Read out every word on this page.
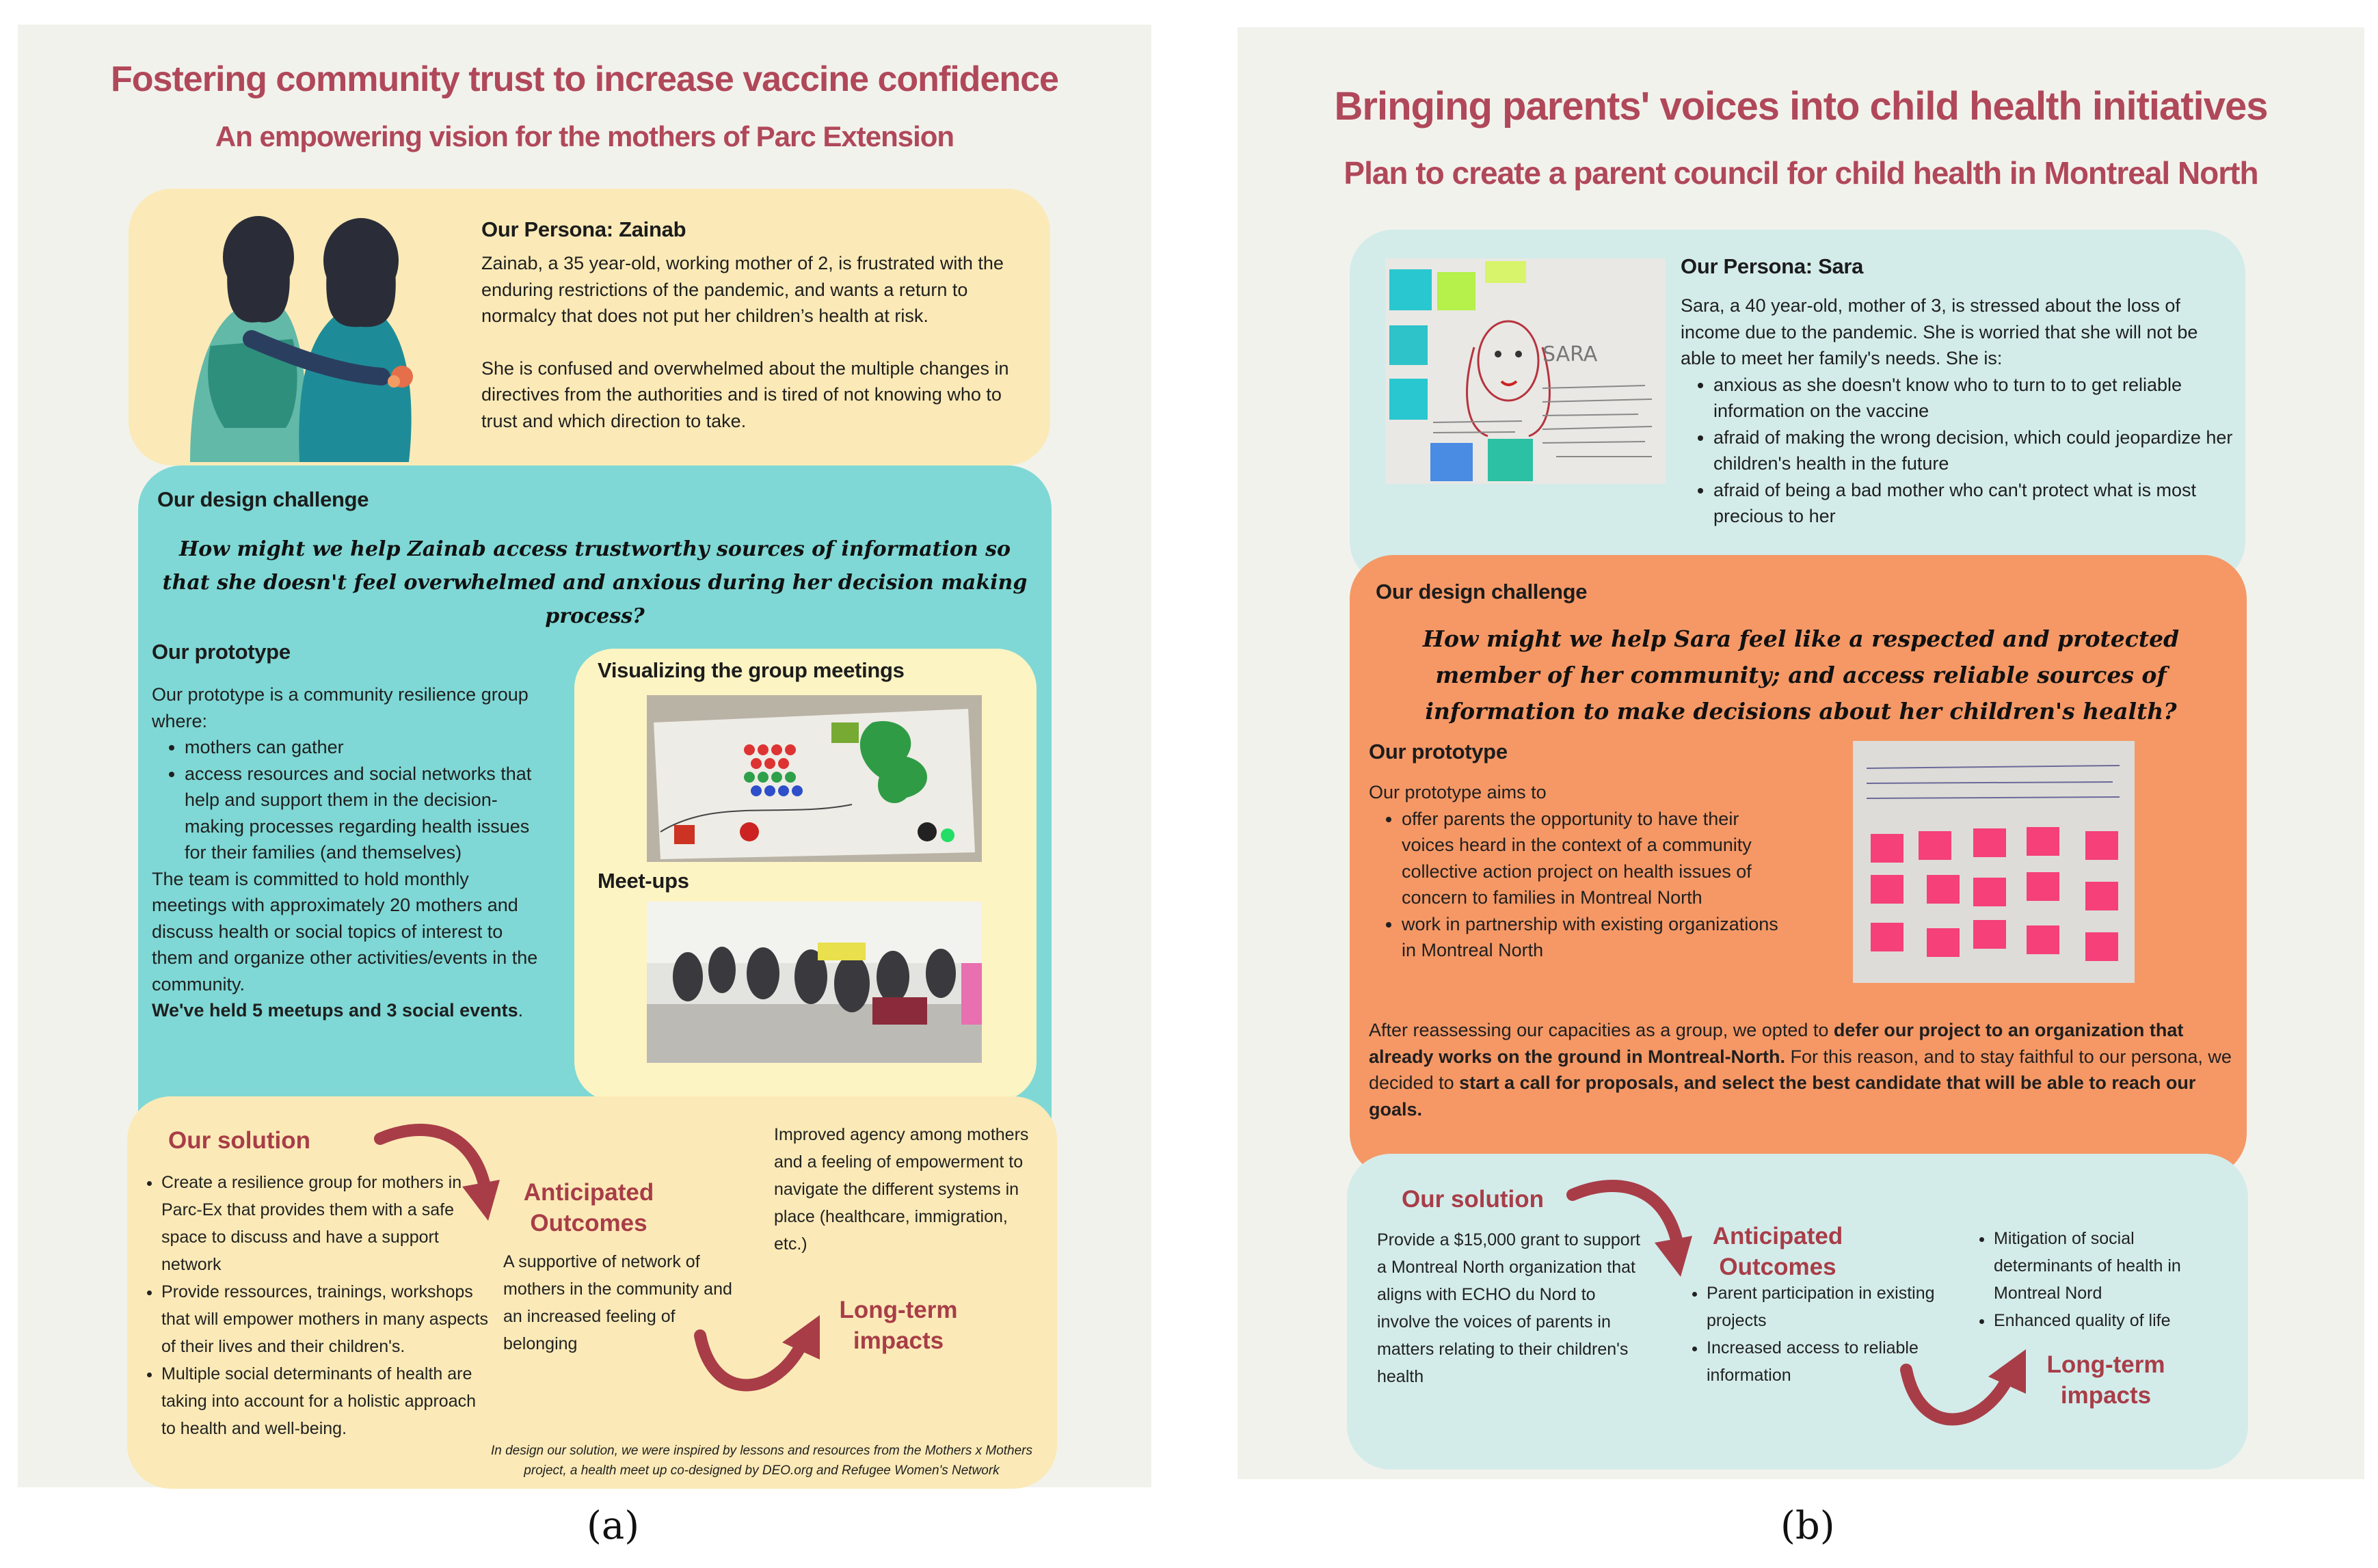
Fostering community trust to increase vaccine confidence
An empowering vision for the mothers of Parc Extension
Our Persona: Zainab
Zainab, a 35 year-old, working mother of 2, is frustrated with the enduring restrictions of the pandemic, and wants a return to normalcy that does not put her children’s health at risk.
She is confused and overwhelmed about the multiple changes in directives from the authorities and is tired of not knowing who to trust and which direction to take.
Our design challenge
How might we help Zainab access trustworthy sources of information so that she doesn't feel overwhelmed and anxious during her decision making process?
Our prototype
Our prototype is a community resilience group where:
• mothers can gather
• access resources and social networks that help and support them in the decision-making processes regarding health issues for their families (and themselves)
The team is committed to hold monthly meetings with approximately 20 mothers and discuss health or social topics of interest to them and organize other activities/events in the community.
We've held 5 meetups and 3 social events.
Visualizing the group meetings
Meet-ups
Our solution
• Create a resilience group for mothers in Parc-Ex that provides them with a safe space to discuss and have a support network
• Provide ressources, trainings, workshops that will empower mothers in many aspects of their lives and their children's.
• Multiple social determinants of health are taking into account for a holistic approach to health and well-being.
Anticipated Outcomes
A supportive of network of mothers in the community and an increased feeling of belonging
Improved agency among mothers and a feeling of empowerment to navigate the different systems in place (healthcare, immigration, etc.)
Long-term impacts
In design our solution, we were inspired by lessons and resources from the Mothers x Mothers project, a health meet up co-designed by DEO.org and Refugee Women's Network
(a)
Bringing parents' voices into child health initiatives
Plan to create a parent council for child health in Montreal North
SARA
Our Persona: Sara
Sara, a 40 year-old, mother of 3, is stressed about the loss of income due to the pandemic. She is worried that she will not be able to meet her family's needs. She is:
• anxious as she doesn't know who to turn to to get reliable information on the vaccine
• afraid of making the wrong decision, which could jeopardize her children's health in the future
• afraid of being a bad mother who can't protect what is most precious to her
Our design challenge
How might we help Sara feel like a respected and protected member of her community; and access reliable sources of information to make decisions about her children's health?
Our prototype
Our prototype aims to
• offer parents the opportunity to have their voices heard in the context of a community collective action project on health issues of concern to families in Montreal North
• work in partnership with existing organizations in Montreal North
After reassessing our capacities as a group, we opted to defer our project to an organization that already works on the ground in Montreal-North. For this reason, and to stay faithful to our persona, we decided to start a call for proposals, and select the best candidate that will be able to reach our goals.
Our solution
Provide a $15,000 grant to support a Montreal North organization that aligns with ECHO du Nord to involve the voices of parents in matters relating to their children's health
Anticipated Outcomes
• Parent participation in existing projects
• Increased access to reliable information
• Mitigation of social determinants of health in Montreal Nord
• Enhanced quality of life
Long-term impacts
(b)
